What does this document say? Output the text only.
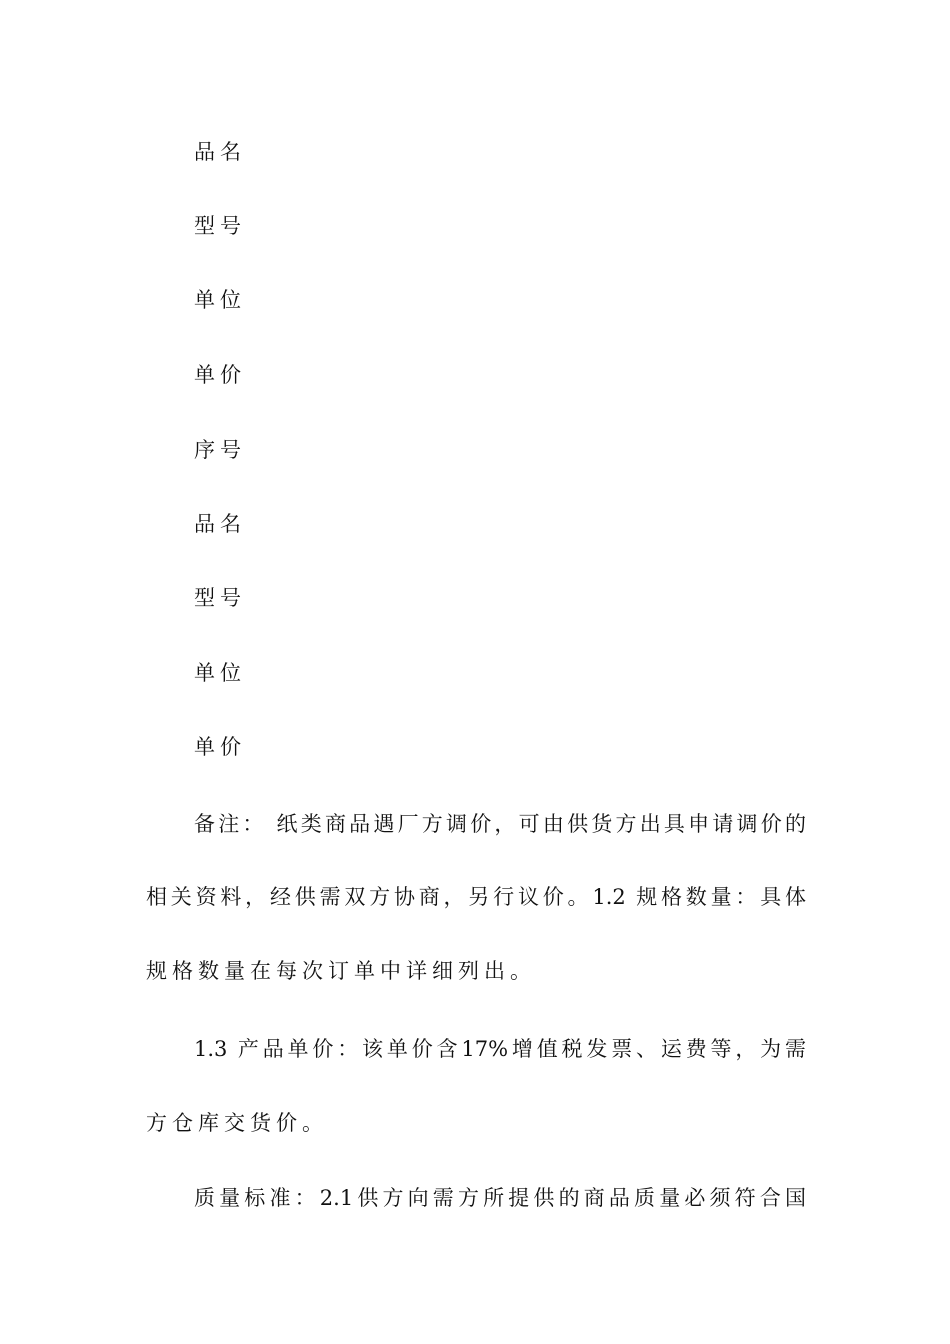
品名
型号
单位
单价
序号
品名
型号
单位
单价
备注： 纸类商品遇厂方调价，可由供货方出具申请调价的
相关资料，经供需双方协商，另行议价。1.2 规格数量：具体
规格数量在每次订单中详细列出。
1.3 产品单价：该单价含17%增值税发票、运费等，为需
方仓库交货价。
质量标准：2.1供方向需方所提供的商品质量必须符合国
